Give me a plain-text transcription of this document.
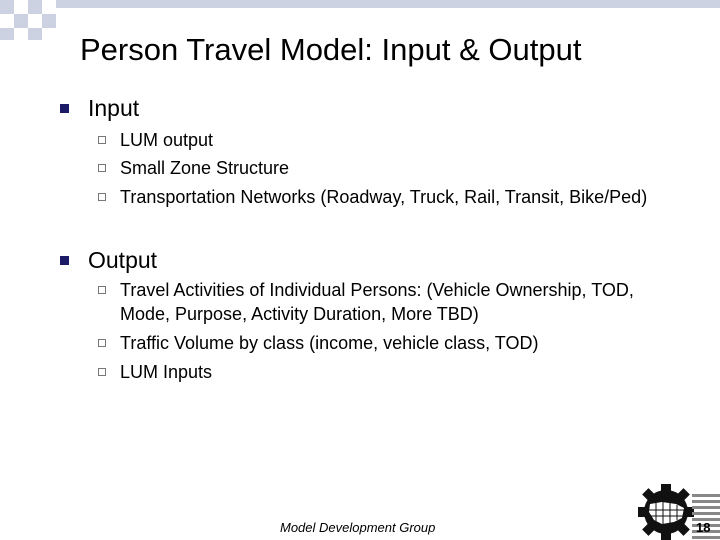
Person Travel Model: Input & Output
Input
LUM output
Small Zone Structure
Transportation Networks (Roadway, Truck, Rail, Transit, Bike/Ped)
Output
Travel Activities of Individual Persons: (Vehicle Ownership, TOD,
Mode, Purpose, Activity Duration, More TBD)
Traffic Volume by class (income, vehicle class, TOD)
LUM Inputs
Model Development Group	18
